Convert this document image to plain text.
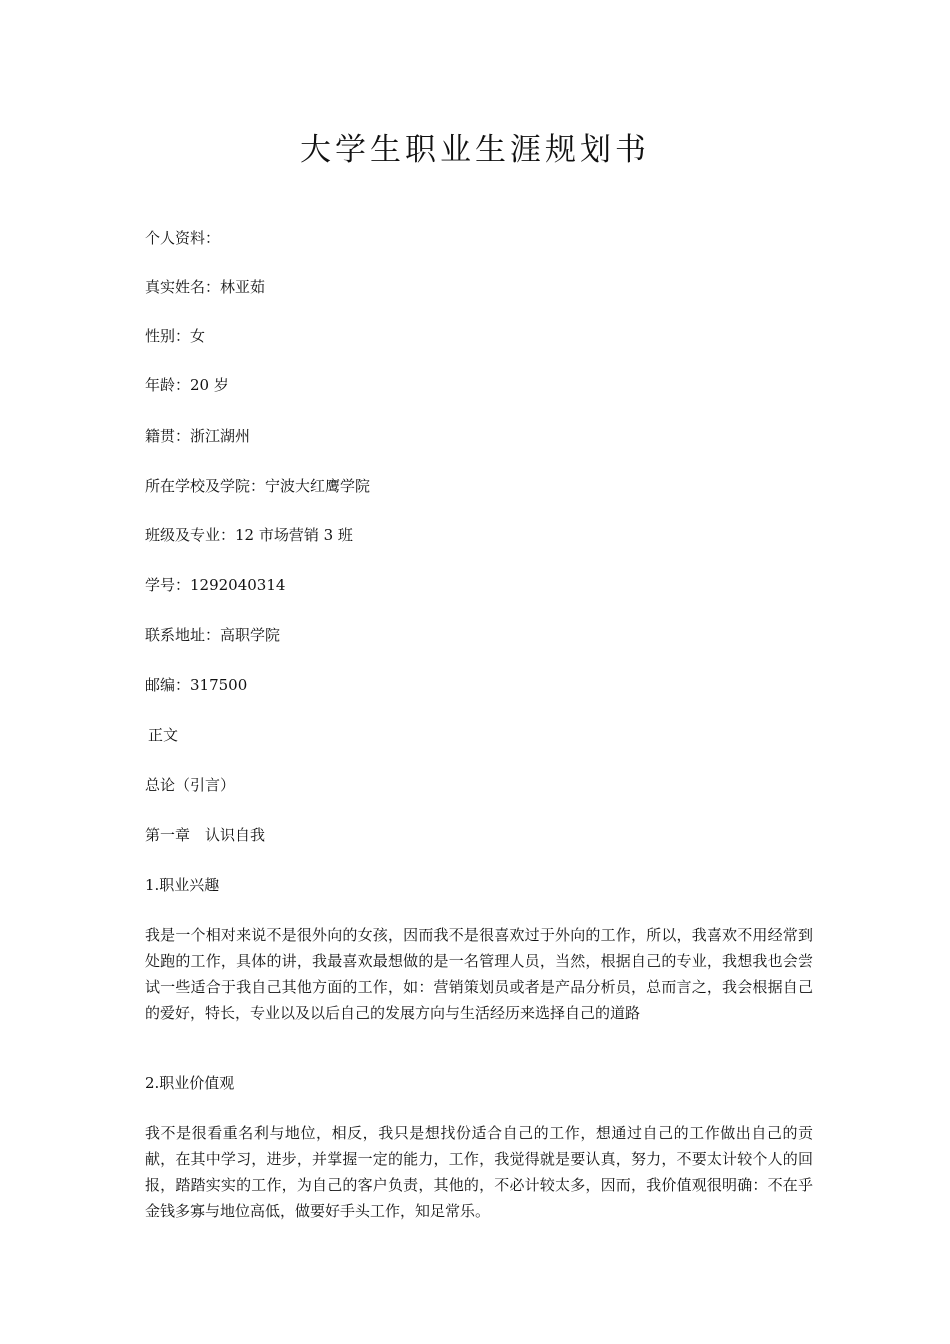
大学生职业生涯规划书

个人资料：

真实姓名：林亚茹

性别：女

年龄：20 岁

籍贯：浙江湖州

所在学校及学院：宁波大红鹰学院

班级及专业：12 市场营销 3 班

学号：1292040314

联系地址：高职学院

邮编：317500

正文

总论（引言）

第一章　认识自我

1.职业兴趣

我是一个相对来说不是很外向的女孩，因而我不是很喜欢过于外向的工作，所以，我喜欢不用经常到处跑的工作，具体的讲，我最喜欢最想做的是一名管理人员，当然，根据自己的专业，我想我也会尝试一些适合于我自己其他方面的工作，如：营销策划员或者是产品分析员，总而言之，我会根据自己的爱好，特长，专业以及以后自己的发展方向与生活经历来选择自己的道路

2.职业价值观

我不是很看重名利与地位，相反，我只是想找份适合自己的工作，想通过自己的工作做出自己的贡献，在其中学习，进步，并掌握一定的能力，工作，我觉得就是要认真，努力，不要太计较个人的回报，踏踏实实的工作，为自己的客户负责，其他的，不必计较太多，因而，我价值观很明确：不在乎金钱多寡与地位高低，做要好手头工作，知足常乐。
